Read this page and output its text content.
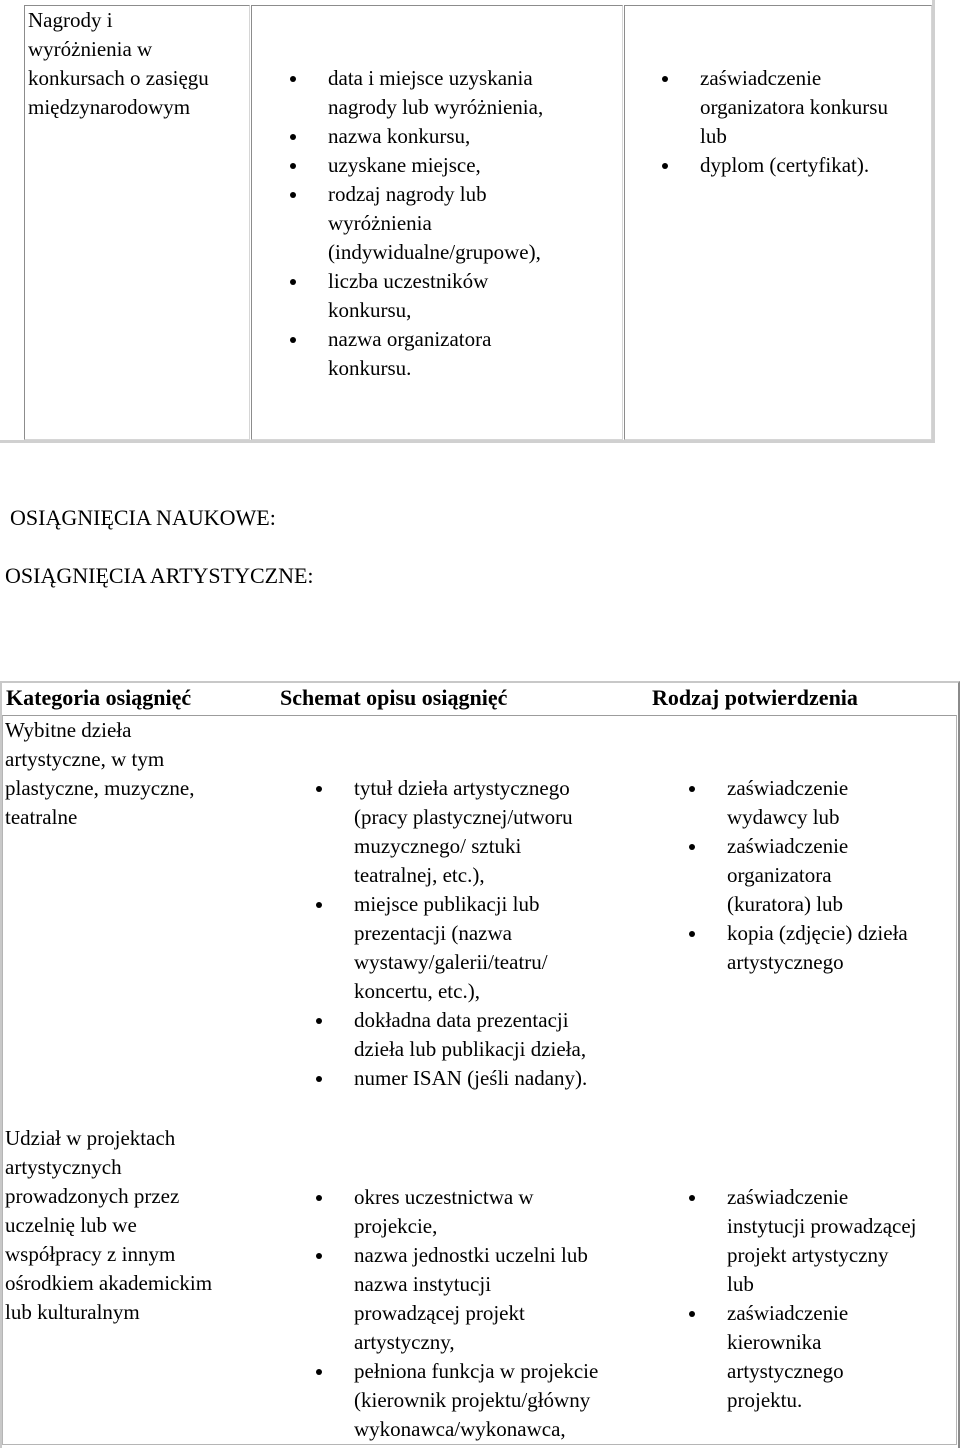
Nagrody i
wyróżnienia w
konkursach o zasięgu
międzynarodowym
data i miejsce uzyskania
nagrody lub wyróżnienia,
nazwa konkursu,
uzyskane miejsce,
rodzaj nagrody lub
wyróżnienia
(indywidualne/grupowe),
liczba uczestników
konkursu,
nazwa organizatora
konkursu.
zaświadczenie
organizatora konkursu
lub
dyplom (certyfikat).
OSIĄGNIĘCIA NAUKOWE:
OSIĄGNIĘCIA ARTYSTYCZNE:
Kategoria osiągnięć	Schemat opisu osiągnięć	Rodzaj potwierdzenia
Wybitne dzieła
artystyczne, w tym
plastyczne, muzyczne,
teatralne
tytuł dzieła artystycznego
(pracy plastycznej/utworu
muzycznego/ sztuki
teatralnej, etc.),
miejsce publikacji lub
prezentacji (nazwa
wystawy/galerii/teatru/
koncertu, etc.),
dokładna data prezentacji
dzieła lub publikacji dzieła,
numer ISAN (jeśli nadany).
zaświadczenie
wydawcy lub
zaświadczenie
organizatora
(kuratora) lub
kopia (zdjęcie) dzieła
artystycznego
Udział w projektach
artystycznych
prowadzonych przez
uczelnię lub we
współpracy z innym
ośrodkiem akademickim
lub kulturalnym
okres uczestnictwa w
projekcie,
nazwa jednostki uczelni lub
nazwa instytucji
prowadzącej projekt
artystyczny,
pełniona funkcja w projekcie
(kierownik projektu/główny
wykonawca/wykonawca,
zaświadczenie
instytucji prowadzącej
projekt artystyczny
lub
zaświadczenie
kierownika
artystycznego
projektu.
